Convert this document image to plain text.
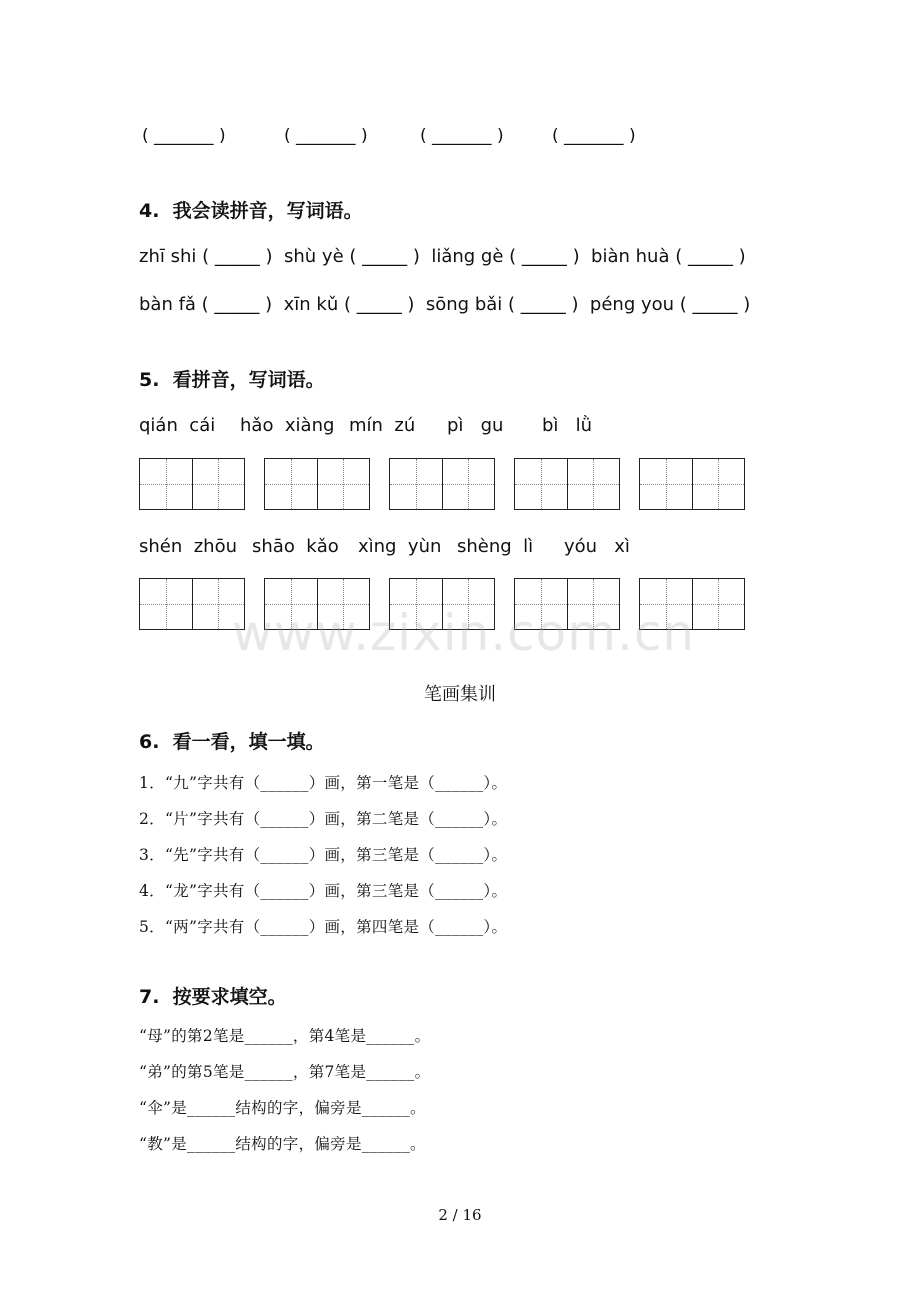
( _______ )	( _______ )	( _______ )	( _______ )
4.  我会读拼音，写词语。
zhī shi ( _____ )  shù yè ( _____ )  liǎng gè ( _____ )  biàn huà ( _____ )
bàn fǎ ( _____ )  xīn kǔ ( _____ )  sōng bǎi ( _____ )  péng you ( _____ )
5.  看拼音，写词语。
qián  cái hǎo  xiàng mín  zú pì   gu bì   lǜ
shén  zhōu shāo  kǎo xìng  yùn shèng  lì yóu   xì
www.zixin.com.cn
笔画集训
6.  看一看，填一填。
1．“九”字共有（______）画，第一笔是（______）。
2．“片”字共有（______）画，第二笔是（______）。
3．“先”字共有（______）画，第三笔是（______）。
4．“龙”字共有（______）画，第三笔是（______）。
5．“两”字共有（______）画，第四笔是（______）。
7.  按要求填空。
“母”的第2笔是______，第4笔是______。
“弟”的第5笔是______，第7笔是______。
“伞”是______结构的字，偏旁是______。
“教”是______结构的字，偏旁是______。
2 / 16
